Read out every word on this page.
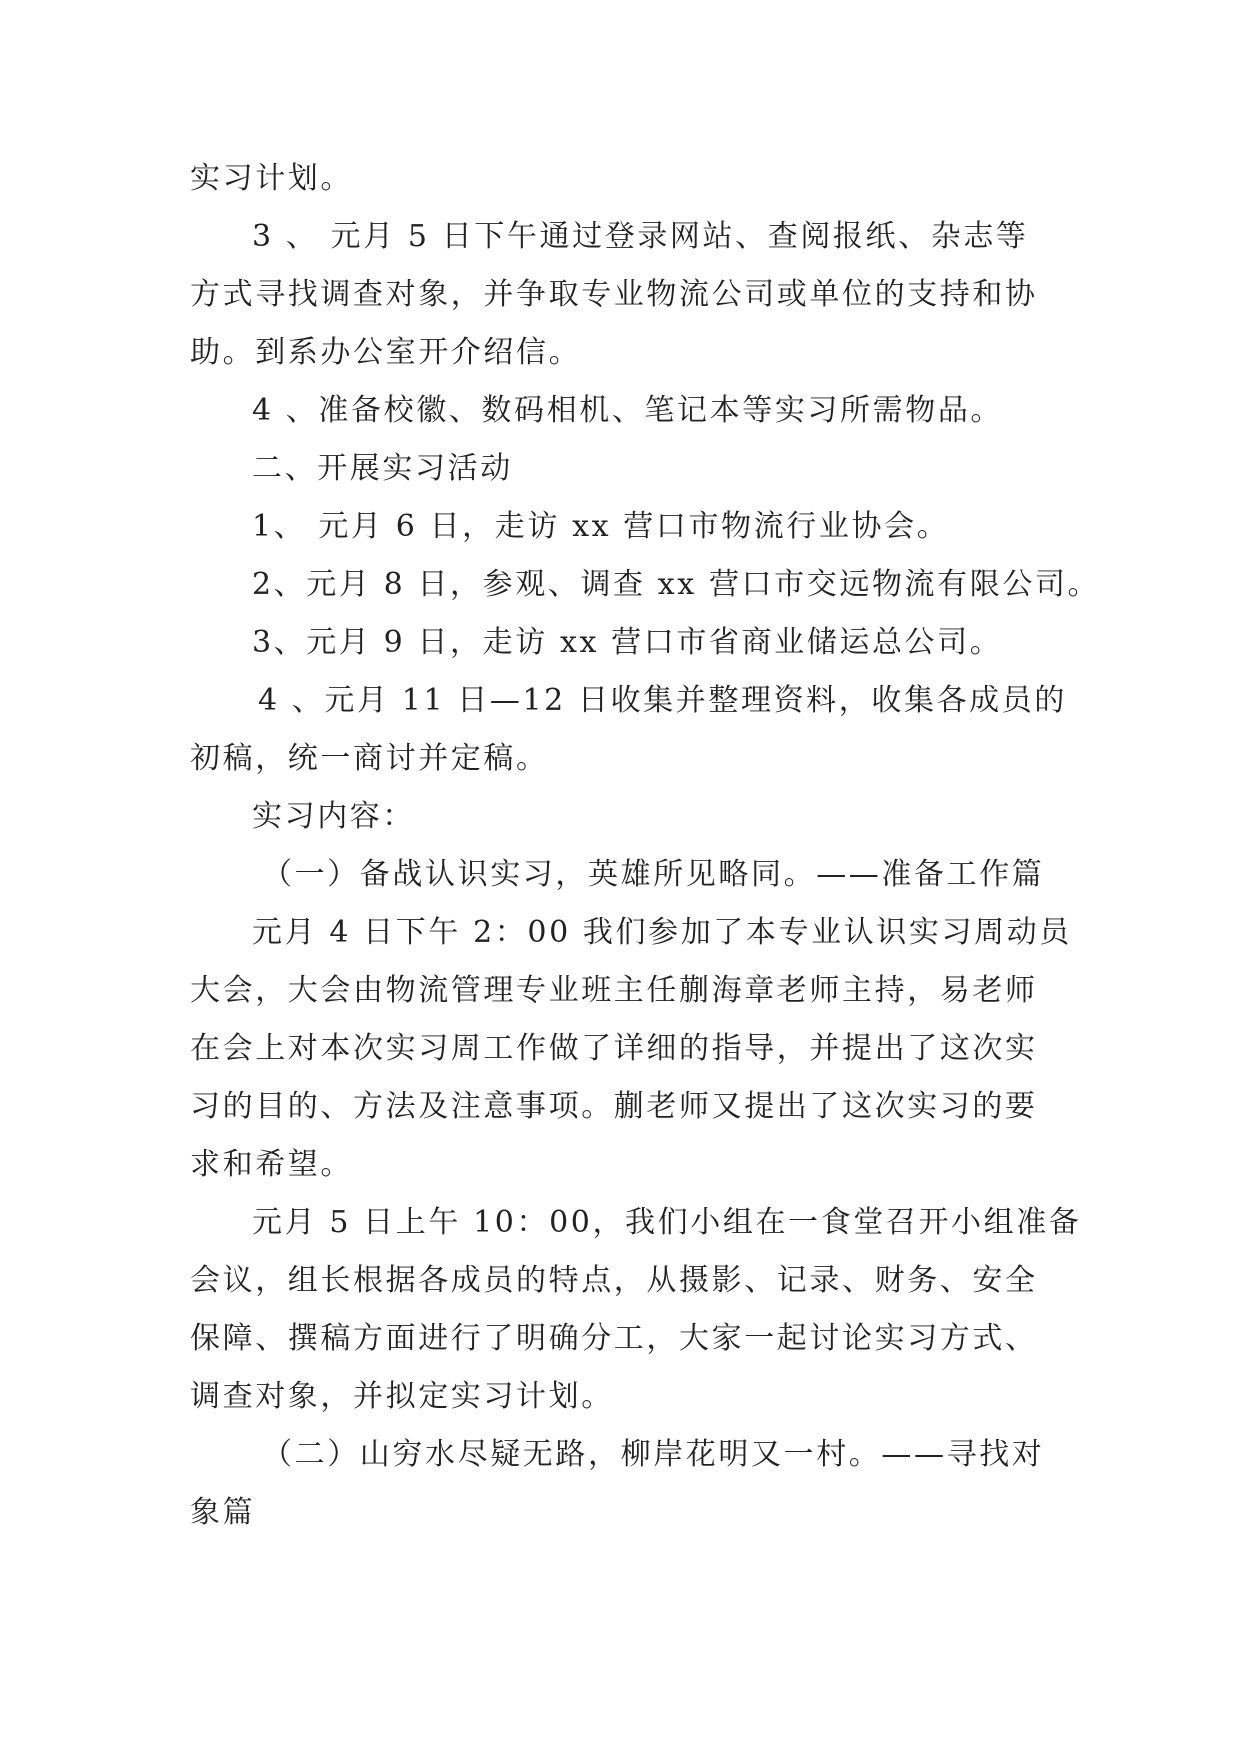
实习计划。
3 、 元月 5 日下午通过登录网站、查阅报纸、杂志等
方式寻找调查对象，并争取专业物流公司或单位的支持和协
助。到系办公室开介绍信。
4 、准备校徽、数码相机、笔记本等实习所需物品。
二、开展实习活动
1、 元月 6 日，走访 xx 营口市物流行业协会。
2、元月 8 日，参观、调查 xx 营口市交远物流有限公司。
3、元月 9 日，走访 xx 营口市省商业储运总公司。
4 、元月 11 日—12 日收集并整理资料，收集各成员的
初稿，统一商讨并定稿。
实习内容：
（一）备战认识实习，英雄所见略同。——准备工作篇
元月 4 日下午 2：00 我们参加了本专业认识实习周动员
大会，大会由物流管理专业班主任蒯海章老师主持，易老师
在会上对本次实习周工作做了详细的指导，并提出了这次实
习的目的、方法及注意事项。蒯老师又提出了这次实习的要
求和希望。
元月 5 日上午 10：00，我们小组在一食堂召开小组准备
会议，组长根据各成员的特点，从摄影、记录、财务、安全
保障、撰稿方面进行了明确分工，大家一起讨论实习方式、
调查对象，并拟定实习计划。
（二）山穷水尽疑无路，柳岸花明又一村。——寻找对
象篇
